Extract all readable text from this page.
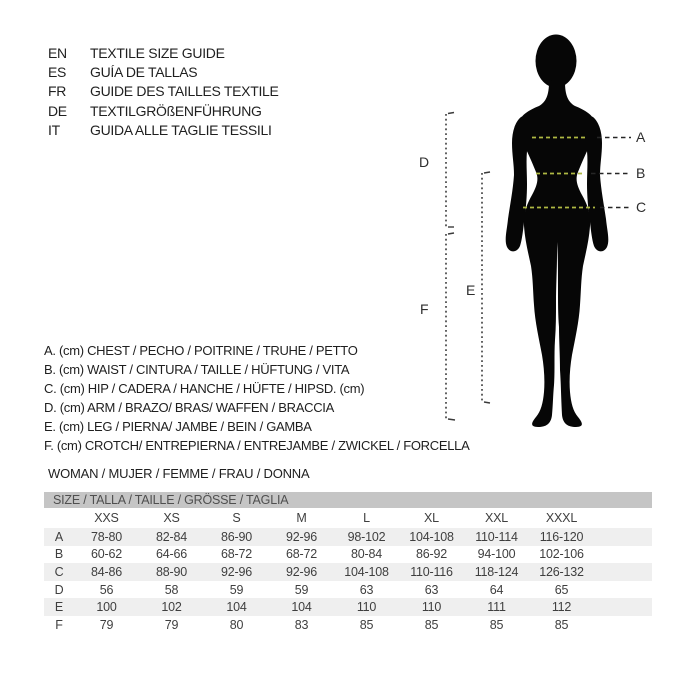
EN	TEXTILE SIZE GUIDE
ES	GUÍA DE TALLAS
FR	GUIDE DES TAILLES TEXTILE
DE	TEXTILGRÖßENFÜHRUNG
IT	GUIDA ALLE TAGLIE TESSILI	A
B
C
D
E
F
A. (cm) CHEST / PECHO / POITRINE / TRUHE / PETTO
B. (cm) WAIST / CINTURA / TAILLE / HÜFTUNG / VITA
C. (cm) HIP / CADERA / HANCHE / HÜFTE / HIPSD. (cm)
D. (cm) ARM / BRAZO/ BRAS/ WAFFEN / BRACCIA
E. (cm) LEG / PIERNA/ JAMBE / BEIN / GAMBA
F. (cm) CROTCH/ ENTREPIERNA / ENTREJAMBE / ZWICKEL / FORCELLA
WOMAN / MUJER / FEMME / FRAU / DONNA
SIZE / TALLA / TAILLE / GRÖSSE / TAGLIA
	XXS	XS	S	M	L	XL	XXL	XXXL	
A	78-80	82-84	86-90	92-96	98-102	104-108	110-114	116-120	
B	60-62	64-66	68-72	68-72	80-84	86-92	94-100	102-106	
C	84-86	88-90	92-96	92-96	104-108	110-116	118-124	126-132	
D	56	58	59	59	63	63	64	65	
E	100	102	104	104	110	110	111	112	
F	79	79	80	83	85	85	85	85	
